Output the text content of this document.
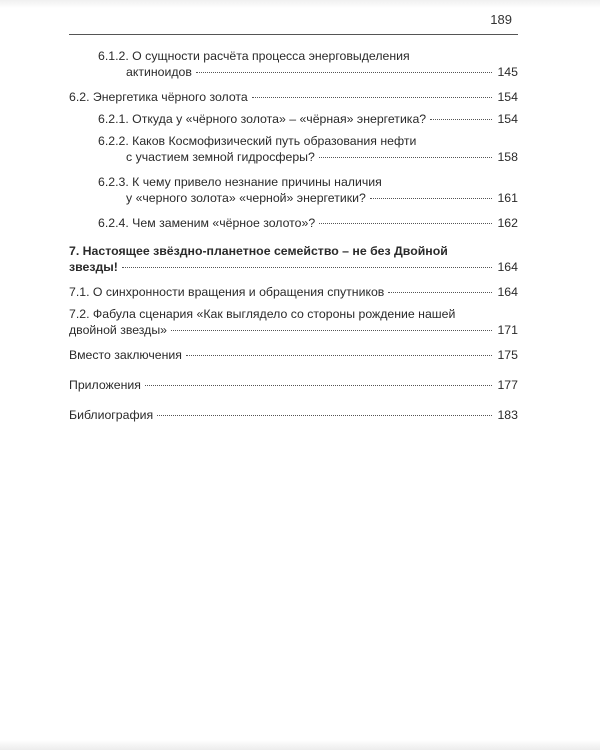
189
6.1.2. О сущности расчёта процесса энерговыделения
актиноидов	145
6.2. Энергетика чёрного золота	154
6.2.1. Откуда у «чёрного золота» – «чёрная» энергетика?	154
6.2.2. Каков Космофизический путь образования нефти
с участием земной гидросферы?	158
6.2.3. К чему привело незнание причины наличия
у «черного золота» «черной» энергетики?	161
6.2.4. Чем заменим «чёрное золото»?	162
7. Настоящее звёздно-планетное семейство – не без Двойной
звезды!	164
7.1. О синхронности вращения и обращения спутников	164
7.2. Фабула сценария «Как выглядело со стороны рождение нашей
двойной звезды»	171
Вместо заключения	175
Приложения	177
Библиография	183
